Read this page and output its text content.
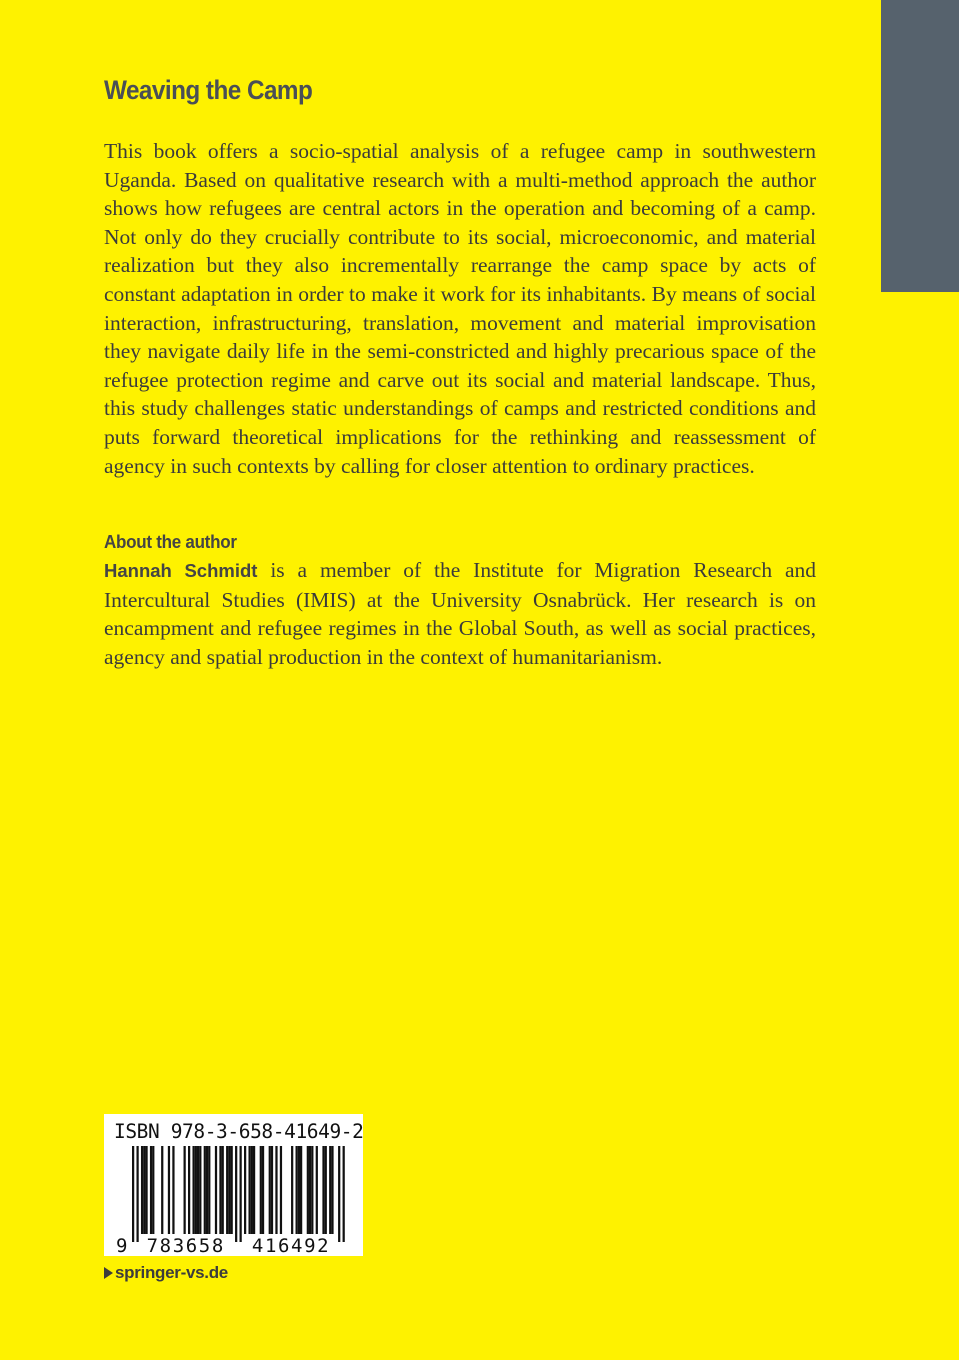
Weaving the Camp

This book offers a socio-spatial analysis of a refugee camp in southwestern Uganda. Based on qualitative research with a multi-method approach the author shows how refugees are central actors in the operation and becoming of a camp. Not only do they crucially contribute to its social, microeconomic, and material realization but they also incrementally rearrange the camp space by acts of constant adaptation in order to make it work for its inhabitants. By means of social interaction, infrastructuring, translation, movement and material improvisation they navigate daily life in the semi-constricted and highly precarious space of the refugee protection regime and carve out its social and material landscape. Thus, this study challenges static understandings of camps and restricted conditions and puts forward theoretical implications for the rethinking and reassessment of agency in such contexts by calling for closer attention to ordinary practices.

About the author

Hannah Schmidt is a member of the Institute for Migration Research and Intercultural Studies (IMIS) at the University Osnabrück. Her research is on encampment and refugee regimes in the Global South, as well as social practices, agency and spatial production in the context of humanitarianism.

ISBN 978-3-658-41649-2
9 783658 416492
springer-vs.de
